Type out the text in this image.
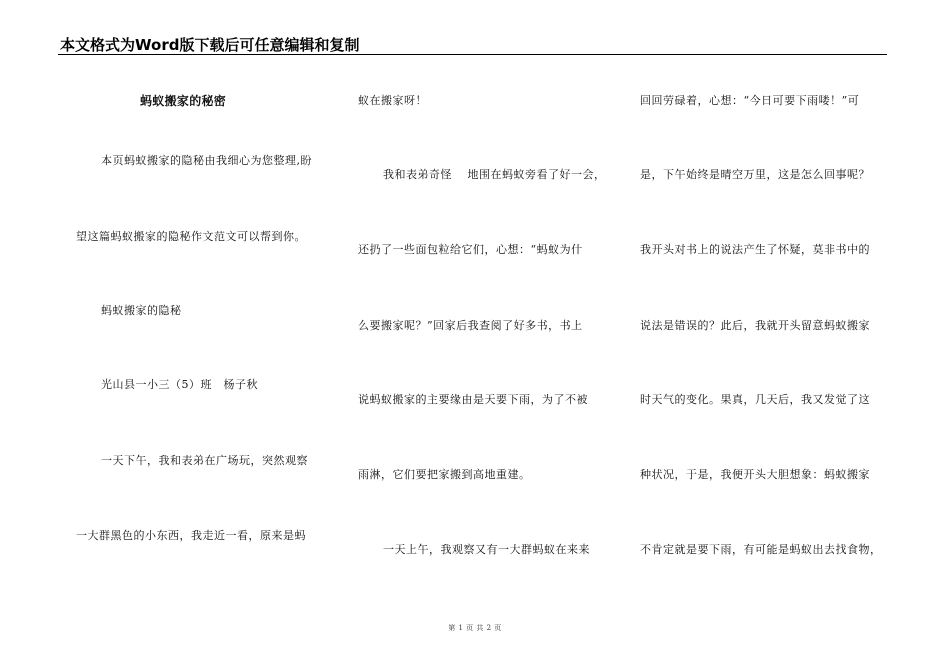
本文格式为Word版下载后可任意编辑和复制
蚂蚁搬家的秘密
本页蚂蚁搬家的隐秘由我细心为您整理,盼
望这篇蚂蚁搬家的隐秘作文范文可以帮到你。
蚂蚁搬家的隐秘
光山县一小三（5）班　杨子秋
一天下午，我和表弟在广场玩，突然观察
一大群黑色的小东西，我走近一看，原来是蚂
蚁在搬家呀！
我和表弟奇怪　 地围在蚂蚁旁看了好一会，
还扔了一些面包粒给它们，心想：“蚂蚁为什
么要搬家呢？”回家后我查阅了好多书，书上
说蚂蚁搬家的主要缘由是天要下雨，为了不被
雨淋，它们要把家搬到高地重建。
一天上午，我观察又有一大群蚂蚁在来来
回回劳碌着，心想：“今日可要下雨喽！”可
是，下午始终是晴空万里，这是怎么回事呢？
我开头对书上的说法产生了怀疑，莫非书中的
说法是错误的？此后，我就开头留意蚂蚁搬家
时天气的变化。果真，几天后，我又发觉了这
种状况，于是，我便开头大胆想象：蚂蚁搬家
不肯定就是要下雨，有可能是蚂蚁出去找食物，
第 1 页 共 2 页
